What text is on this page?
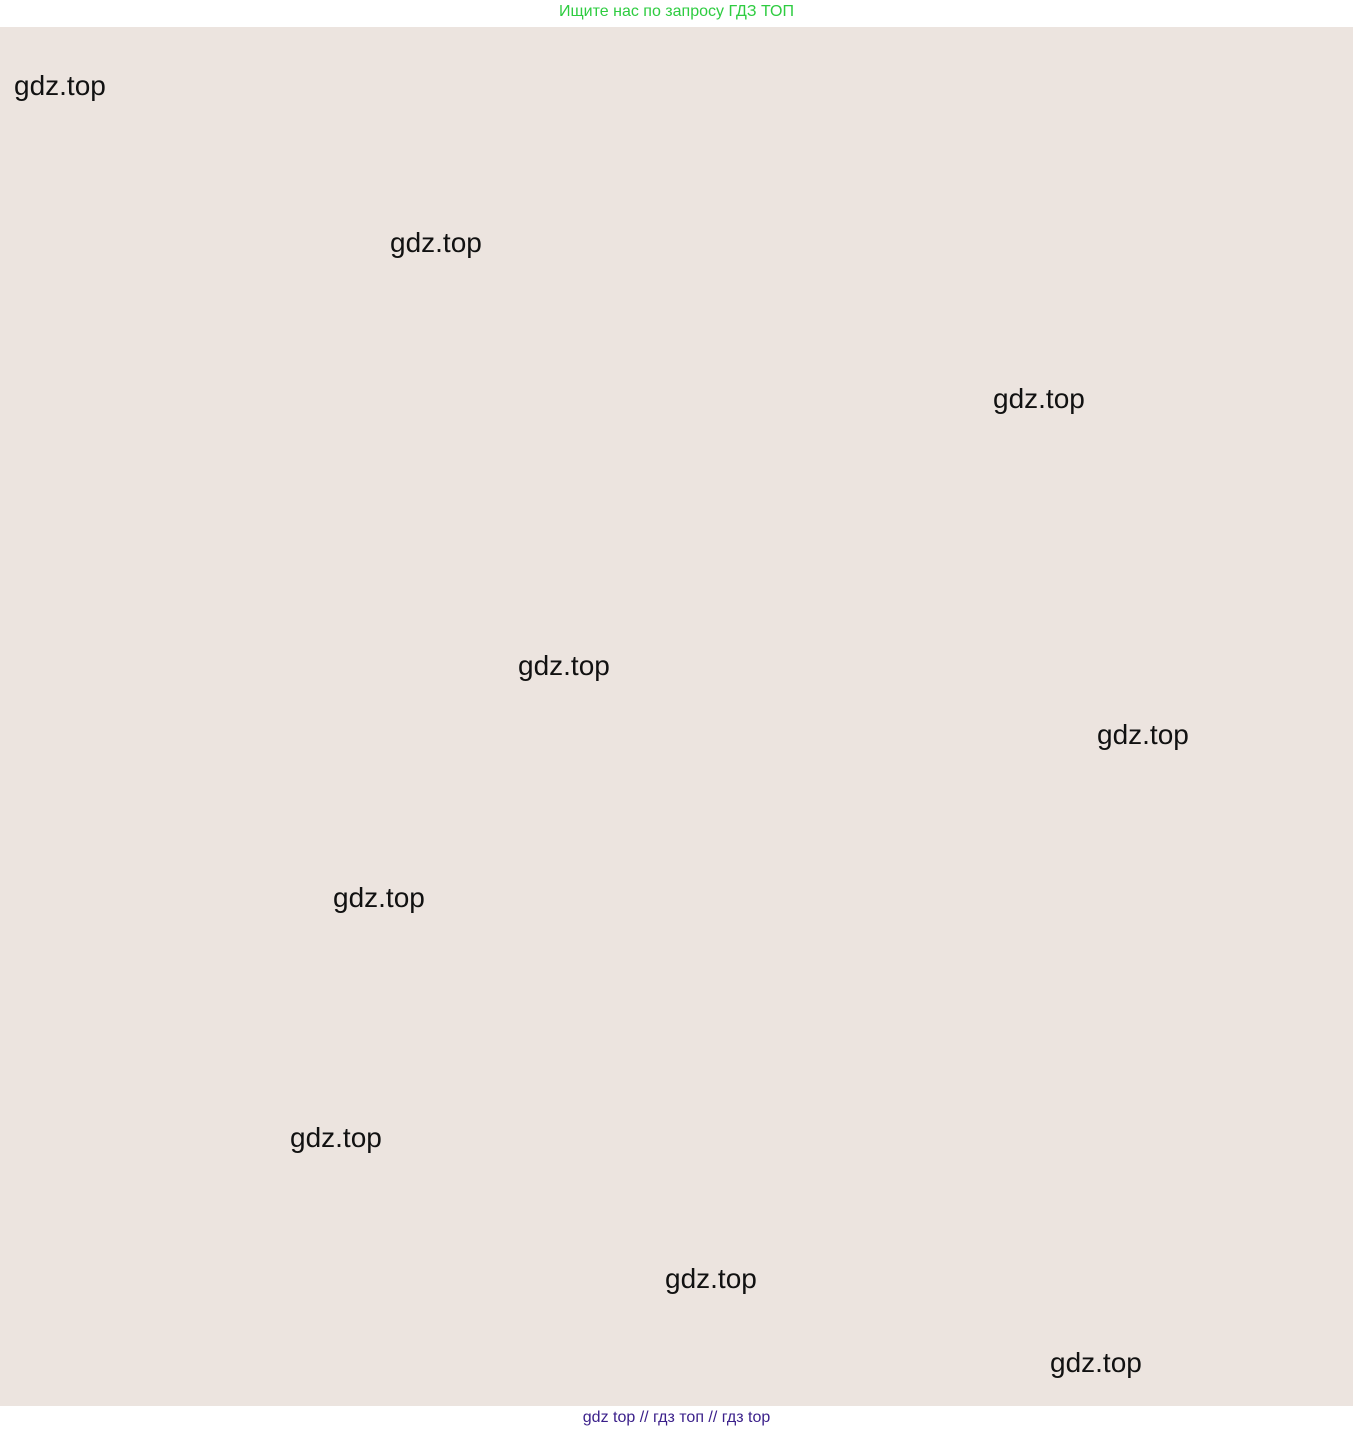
Ищите нас по запросу ГДЗ ТОП
gdz.top
gdz.top
gdz.top
gdz.top
gdz.top
gdz.top
gdz.top
gdz.top
gdz.top
gdz top // гдз топ // гдз top
